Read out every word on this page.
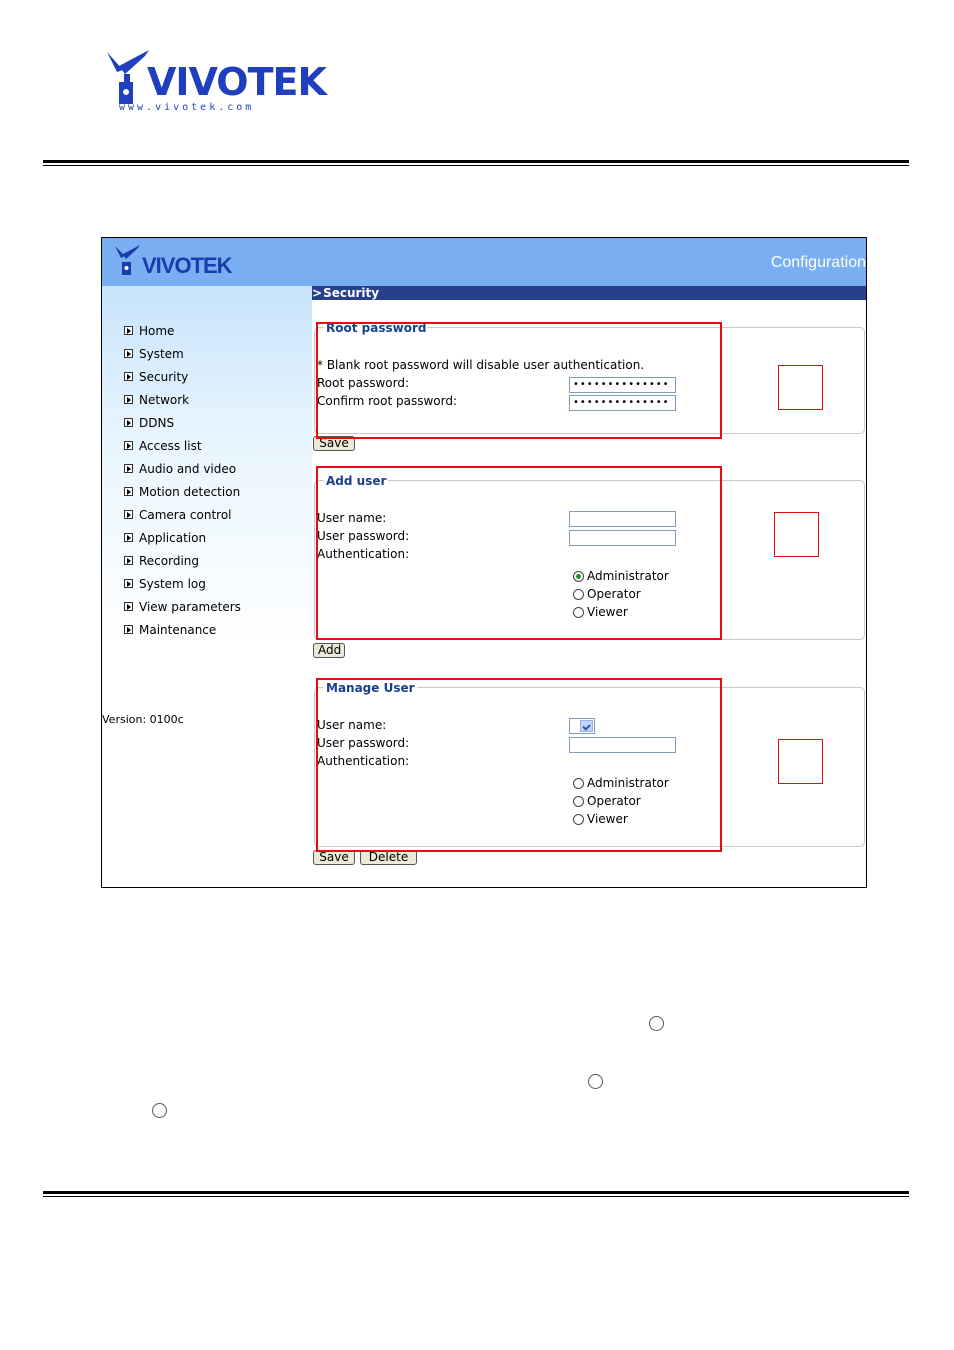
VIVOTEK
www.vivotek.com
VIVOTEK	Configuration
Home
System
Security
Network
DDNS
Access list
Audio and video
Motion detection
Camera control
Application
Recording
System log
View parameters
Maintenance
Version: 0100c
>Security
Root password
* Blank root password will disable user authentication.
Root password:
Confirm root password:
••••••••••••••
••••••••••••••
Save
Add user
User name:
User password:
Authentication:
Administrator
Operator
Viewer
Add
Manage User
User name:
User password:
Authentication:
Administrator
Operator
Viewer
Save	Delete
